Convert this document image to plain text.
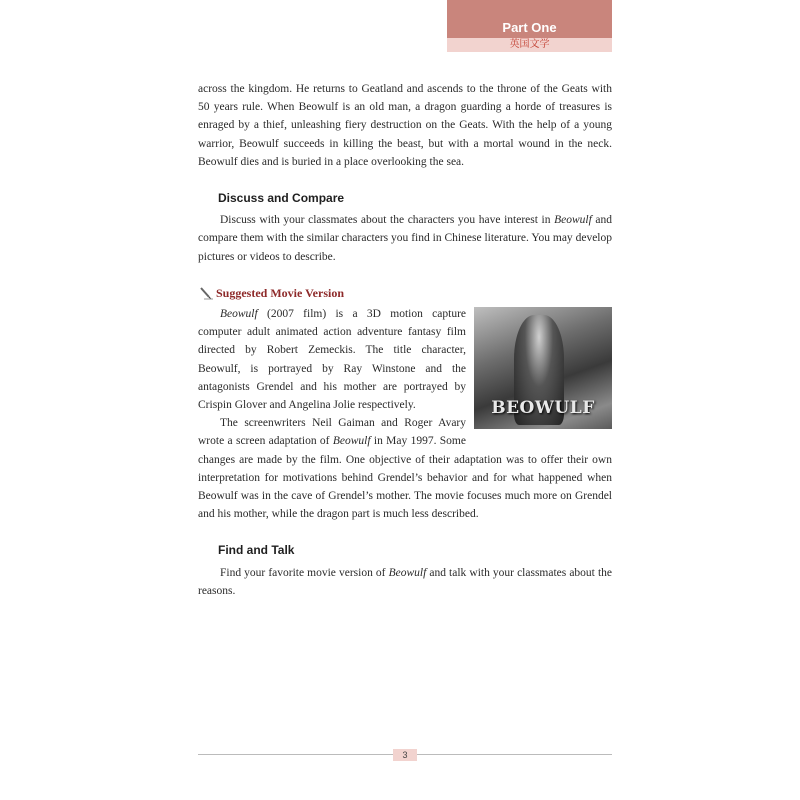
Part One
英国文学

across the kingdom. He returns to Geatland and ascends to the throne of the Geats with 50 years rule. When Beowulf is an old man, a dragon guarding a horde of treasures is enraged by a thief, unleashing fiery destruction on the Geats. With the help of a young warrior, Beowulf succeeds in killing the beast, but with a mortal wound in the neck. Beowulf dies and is buried in a place overlooking the sea.

Discuss and Compare

Discuss with your classmates about the characters you have interest in Beowulf and compare them with the similar characters you find in Chinese literature. You may develop pictures or videos to describe.

Suggested Movie Version
BEOWULF

Beowulf (2007 film) is a 3D motion capture computer adult animated action adventure fantasy film directed by Robert Zemeckis. The title character, Beowulf, is portrayed by Ray Winstone and the antagonists Grendel and his mother are portrayed by Crispin Glover and Angelina Jolie respectively.

The screenwriters Neil Gaiman and Roger Avary wrote a screen adaptation of Beowulf in May 1997. Some changes are made by the film. One objective of their adaptation was to offer their own interpretation for motivations behind Grendel’s behavior and for what happened when Beowulf was in the cave of Grendel’s mother. The movie focuses much more on Grendel and his mother, while the dragon part is much less described.

Find and Talk

Find your favorite movie version of Beowulf and talk with your classmates about the reasons.

3
